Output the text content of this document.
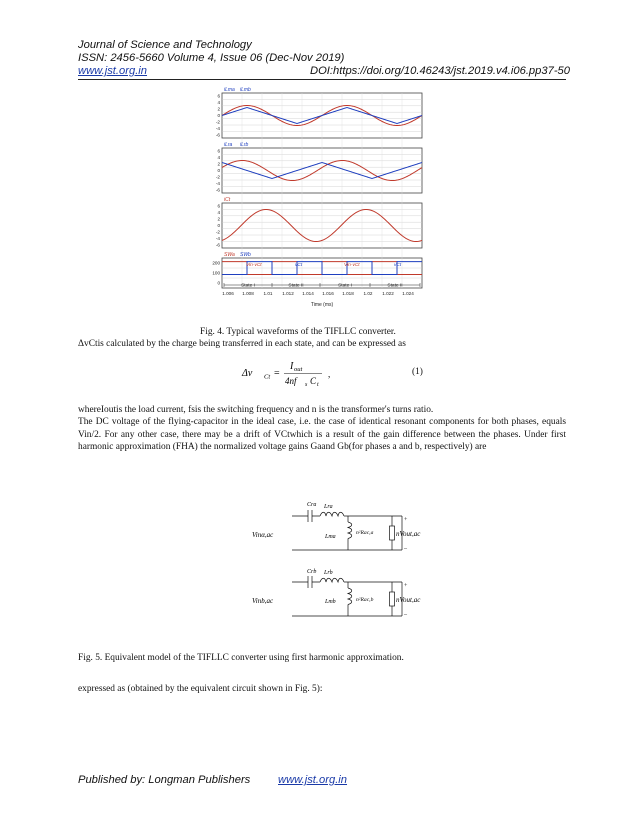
Journal of Science and Technology
ISSN: 2456-5660 Volume 4, Issue 06 (Dec-Nov 2019)
www.jst.org.in	DOI:https://doi.org/10.46243/jst.2019.v4.i06.pp37-50
iLma iLmb
iLra iLrb
iCt
SWa SWb
6
4
2
0
-2
-4
-6
6
4
2
0
-2
-4
-6
6
4
2
0
-2
-4
-6
200
100
0
Vin-vCt	Vin-vCt
vCt	vCt
State I	State II	State I	State II
1.006 1.008 1.01 1.012 1.014 1.016 1.018 1.02 1.022 1.024
Time (ms)
Fig. 4. Typical waveforms of the TIFLLC converter.
ΔvCtis calculated by the charge being transferred in each state, and can be expressed as
Δv Ct =
I out
4nf s C t
,	(1)
whereIoutis the load current, fsis the switching frequency and n is the transformer's turns ratio.
The DC voltage of the flying-capacitor in the ideal case, i.e. the case of identical resonant components for both phases, equals Vin/2. For any other case, there may be a drift of VCtwhich is a result of the gain difference between the phases. Under first harmonic approximation (FHA) the normalized voltage gains Gaand Gb(for phases a and b, respectively) are
Cra Lra
Lma
n²Rac,a
Vinα,ac	nVout,ac
+
–
Crb Lrb
Lmb	n²Rac,b
Vinb,ac	nVout,ac
+
–
Fig. 5. Equivalent model of the TIFLLC converter using first harmonic approximation.
expressed as (obtained by the equivalent circuit shown in Fig. 5):
Published by: Longman Publishers www.jst.org.in
